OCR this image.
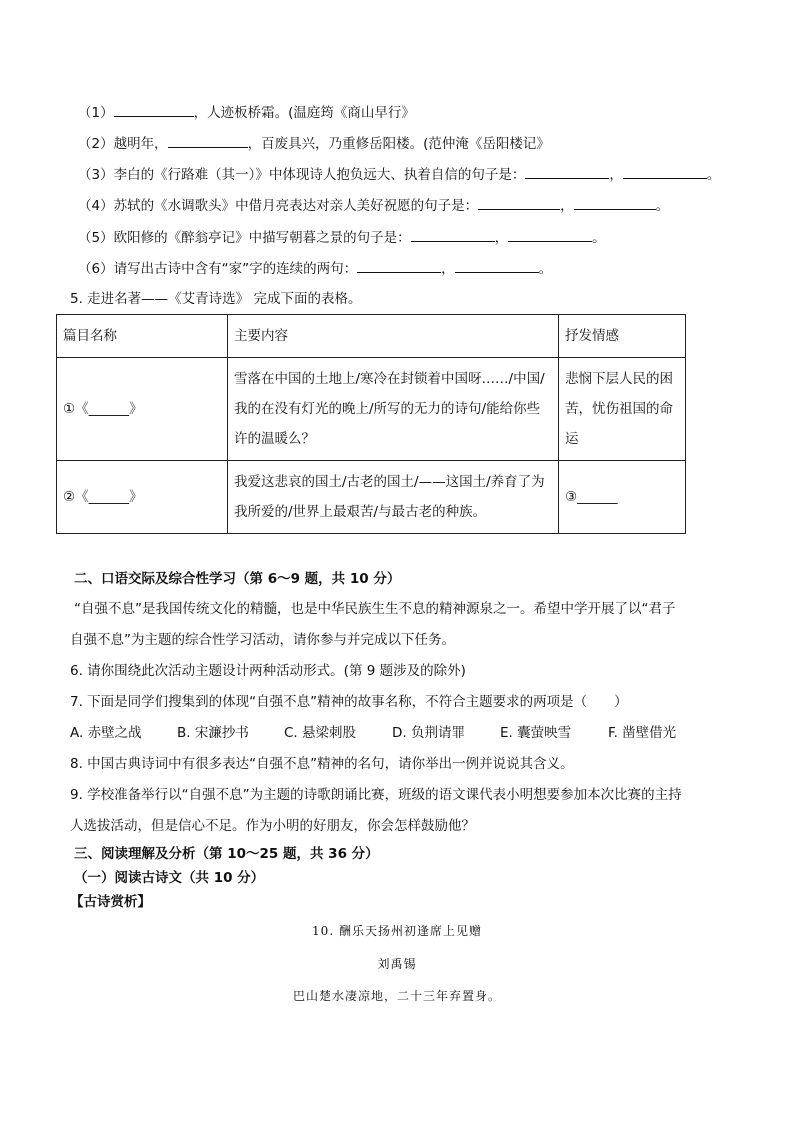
（1）	，人迹板桥霜。(温庭筠《商山早行》
（2）越明年，	，百废具兴，乃重修岳阳楼。(范仲淹《岳阳楼记》
（3）李白的《行路难（其一）》中体现诗人抱负远大、执着自信的句子是：	，	。
（4）苏轼的《水调歌头》中借月亮表达对亲人美好祝愿的句子是：	，	。
（5）欧阳修的《醉翁亭记》中描写朝暮之景的句子是：	，	。
（6）请写出古诗中含有“家”字的连续的两句：	，	。
5. 走进名著——《艾青诗选》 完成下面的表格。
篇目名称	主要内容	抒发情感
①《______》	雪落在中国的土地上/寒冷在封锁着中国呀……/中国/我的在没有灯光的晚上/所写的无力的诗句/能给你些许的温暖么？	悲悯下层人民的困苦，忧伤祖国的命运
②《______》	我爱这悲哀的国土/古老的国土/——这国土/养育了为我所爱的/世界上最艰苦/与最古老的种族。	③______
二、口语交际及综合性学习（第 6～9 题，共 10 分）
“自强不息”是我国传统文化的精髓，也是中华民族生生不息的精神源泉之一。希望中学开展了以“君子
自强不息”为主题的综合性学习活动，请你参与并完成以下任务。
6. 请你围绕此次活动主题设计两种活动形式。(第 9 题涉及的除外)
7. 下面是同学们搜集到的体现“自强不息”精神的故事名称，不符合主题要求的两项是（　　）
A. 赤壁之战	B. 宋濂抄书	C. 悬梁刺股	D. 负荆请罪	E. 囊萤映雪	F. 凿壁借光
8. 中国古典诗词中有很多表达“自强不息”精神的名句，请你举出一例并说说其含义。
9. 学校准备举行以“自强不息”为主题的诗歌朗诵比赛，班级的语文课代表小明想要参加本次比赛的主持
人选拔活动，但是信心不足。作为小明的好朋友，你会怎样鼓励他？
三、阅读理解及分析（第 10～25 题，共 36 分）
（一）阅读古诗文（共 10 分）
【古诗赏析】
10. 酬乐天扬州初逢席上见赠
刘禹锡
巴山楚水凄凉地，二十三年弃置身。
